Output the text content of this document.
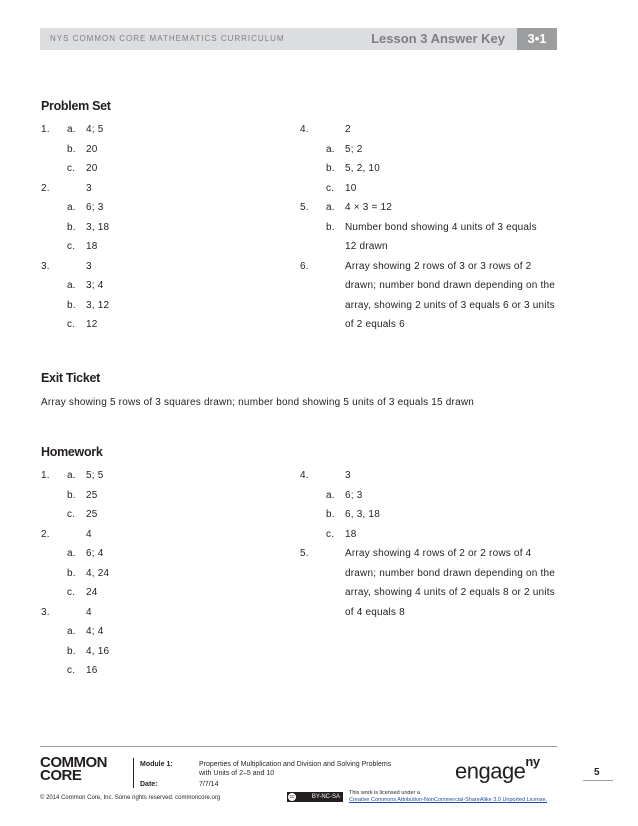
NYS COMMON CORE MATHEMATICS CURRICULUM	Lesson 3 Answer Key	3•1
Problem Set
1. a. 4; 5
b. 20
c. 20
2.	3
a. 6; 3
b. 3, 18
c. 18
3.	3
a. 3; 4
b. 3, 12
c. 12
4.	2
a. 5; 2
b. 5, 2, 10
c. 10
5. a. 4 × 3 = 12
b. Number bond showing 4 units of 3 equals
12 drawn
6.	Array showing 2 rows of 3 or 3 rows of 2
drawn; number bond drawn depending on the
array, showing 2 units of 3 equals 6 or 3 units
of 2 equals 6
Exit Ticket
Array showing 5 rows of 3 squares drawn; number bond showing 5 units of 3 equals 15 drawn
Homework
1. a. 5; 5
b. 25
c. 25
2.	4
a. 6; 4
b. 4, 24
c. 24
3.	4
a. 4; 4
b. 4, 16
c. 16
4.	3
a. 6; 3
b. 6, 3, 18
c. 18
5.	Array showing 4 rows of 2 or 2 rows of 4
drawn; number bond drawn depending on the
array, showing 4 units of 2 equals 8 or 2 units
of 4 equals 8
COMMON
CORE
Module 1:	Properties of Multiplication and Division and Solving Problems
with Units of 2–5 and 10
Date:	7/7/14
engage$^{ny}$
5
© 2014 Common Core, Inc. Some rights reserved. commoncore.org	cc	BY-NC-SA
This work is licensed under a
Creative Commons Attribution-NonCommercial-ShareAlike 3.0 Unported License.
